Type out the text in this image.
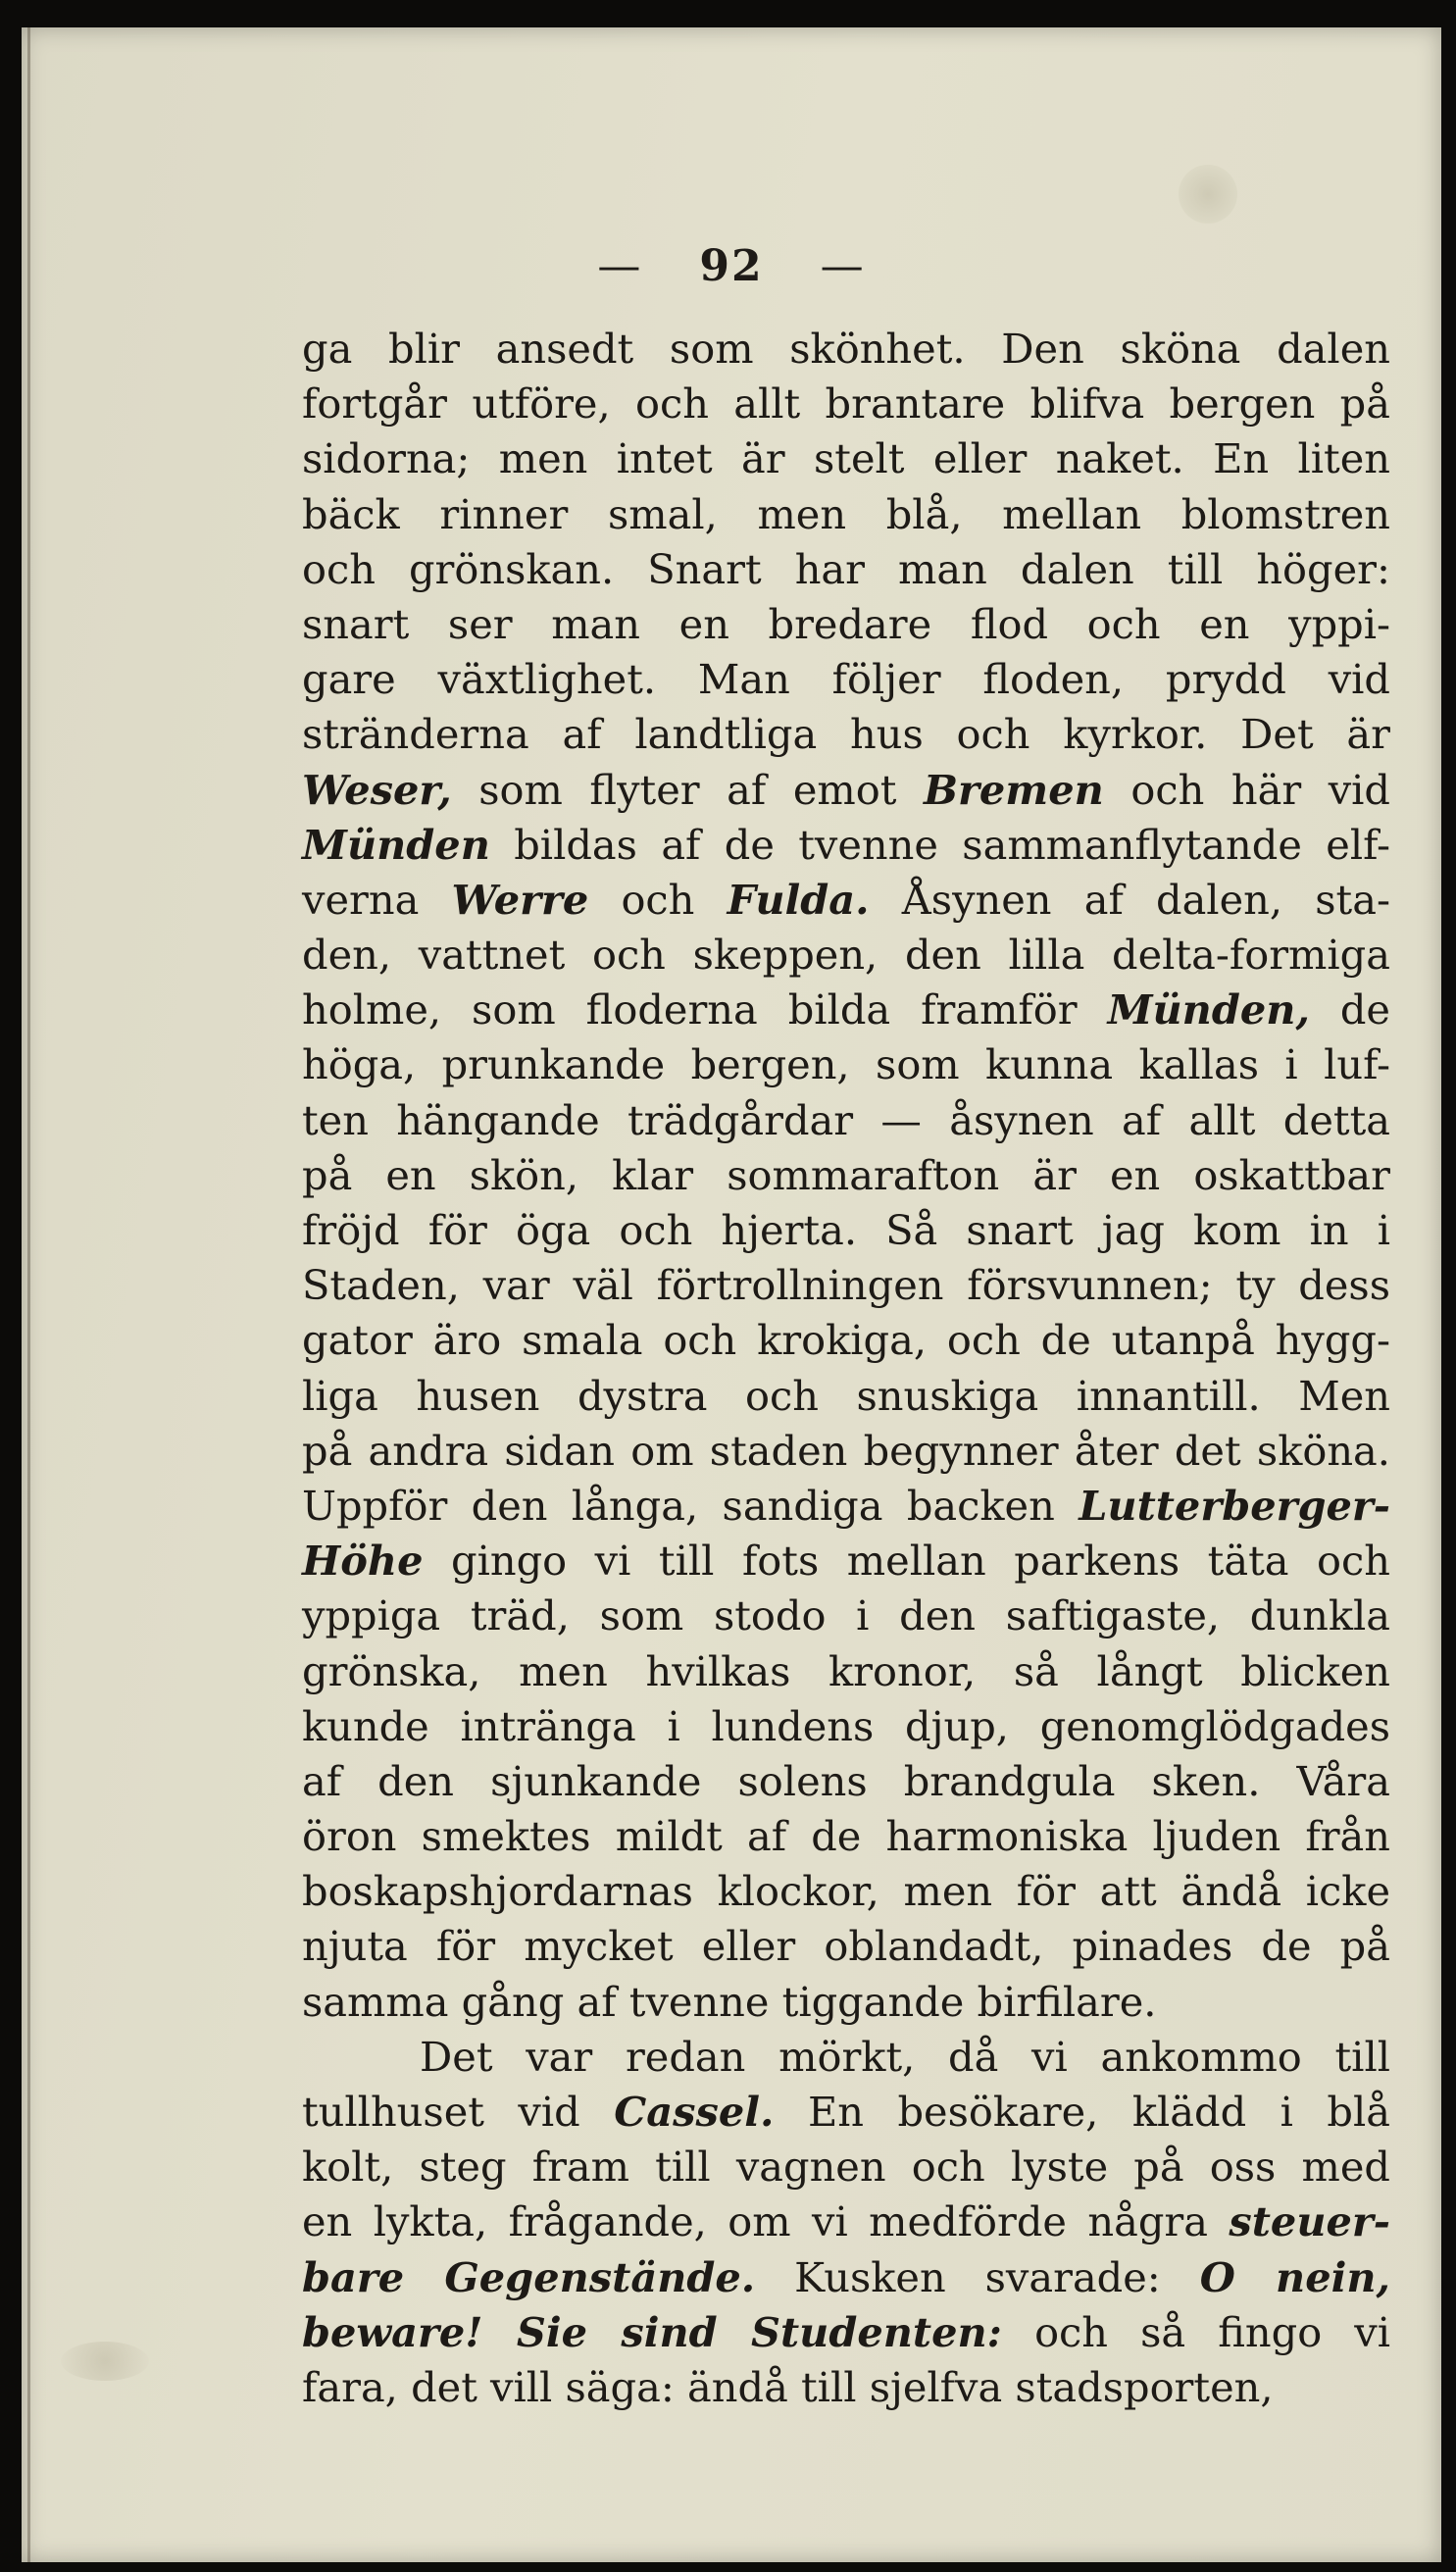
— 92 —
ga blir ansedt som skönhet. Den sköna dalen
fortgår utföre, och allt brantare blifva bergen på
sidorna; men intet är stelt eller naket. En liten
bäck rinner smal, men blå, mellan blomstren
och grönskan. Snart har man dalen till höger:
snart ser man en bredare flod och en yppi-
gare växtlighet. Man följer floden, prydd vid
stränderna af landtliga hus och kyrkor. Det är
Weser, som flyter af emot Bremen och här vid
Münden bildas af de tvenne sammanflytande elf-
verna Werre och Fulda. Åsynen af dalen, sta-
den, vattnet och skeppen, den lilla delta-formiga
holme, som floderna bilda framför Münden, de
höga, prunkande bergen, som kunna kallas i luf-
ten hängande trädgårdar — åsynen af allt detta
på en skön, klar sommarafton är en oskattbar
fröjd för öga och hjerta. Så snart jag kom in i
Staden, var väl förtrollningen försvunnen; ty dess
gator äro smala och krokiga, och de utanpå hygg-
liga husen dystra och snuskiga innantill. Men
på andra sidan om staden begynner åter det sköna.
Uppför den långa, sandiga backen Lutterberger-
Höhe gingo vi till fots mellan parkens täta och
yppiga träd, som stodo i den saftigaste, dunkla
grönska, men hvilkas kronor, så långt blicken
kunde inträngа i lundens djup, genomglödgades
af den sjunkande solens brandgula sken. Våra
öron smektes mildt af de harmoniska ljuden från
boskapshjordarnas klockor, men för att ändå icke
njuta för mycket eller oblandadt, pinades de på
samma gång af tvenne tiggande birfilare.
Det var redan mörkt, då vi ankommo till
tullhuset vid Cassel. En besökare, klädd i blå
kolt, steg fram till vagnen och lyste på oss med
en lykta, frågande, om vi medförde några steuer-
bare Gegenstände. Kusken svarade: O nein,
beware! Sie sind Studenten: och så fingo vi
fara, det vill säga: ändå till sjelfva stadsporten,
